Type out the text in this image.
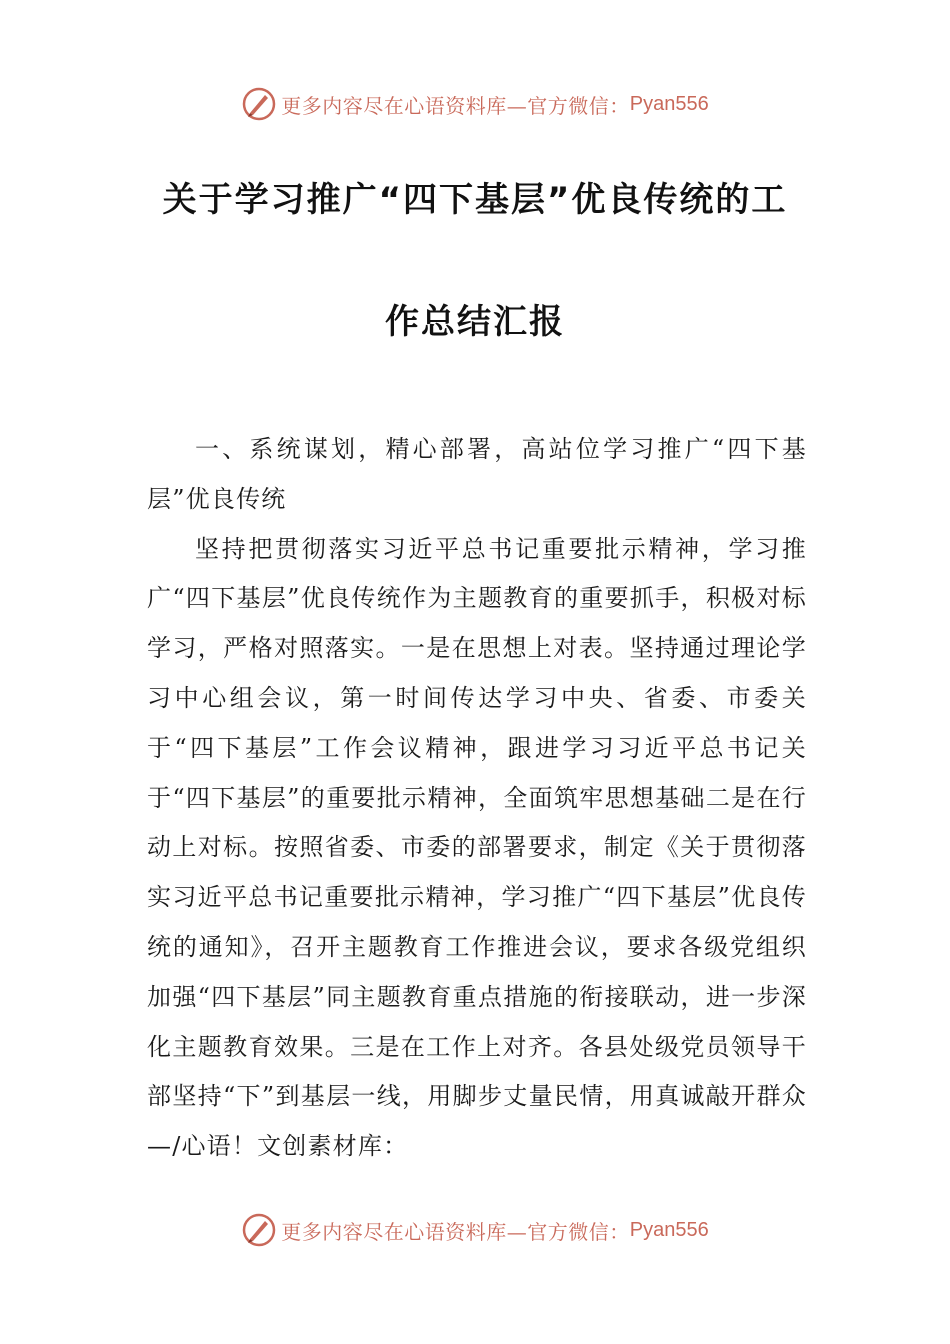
更多内容尽在心语资料库—官方微信： Pyan556
关于学习推广“四下基层”优良传统的工
作总结汇报

一、系统谋划，精心部署，高站位学习推广“四下基层”优良传统

坚持把贯彻落实习近平总书记重要批示精神，学习推广“四下基层”优良传统作为主题教育的重要抓手，积极对标学习，严格对照落实。一是在思想上对表。坚持通过理论学习中心组会议，第一时间传达学习中央、省委、市委关于“四下基层”工作会议精神，跟进学习习近平总书记关于“四下基层”的重要批示精神，全面筑牢思想基础二是在行动上对标。按照省委、市委的部署要求，制定《关于贯彻落实习近平总书记重要批示精神，学习推广“四下基层”优良传统的通知》，召开主题教育工作推进会议，要求各级党组织加强“四下基层”同主题教育重点措施的衔接联动，进一步深化主题教育效果。三是在工作上对齐。各县处级党员领导干部坚持“下”到基层一线，用脚步丈量民情，用真诚敲开群众—/心语！文创素材库：

更多内容尽在心语资料库—官方微信： Pyan556
